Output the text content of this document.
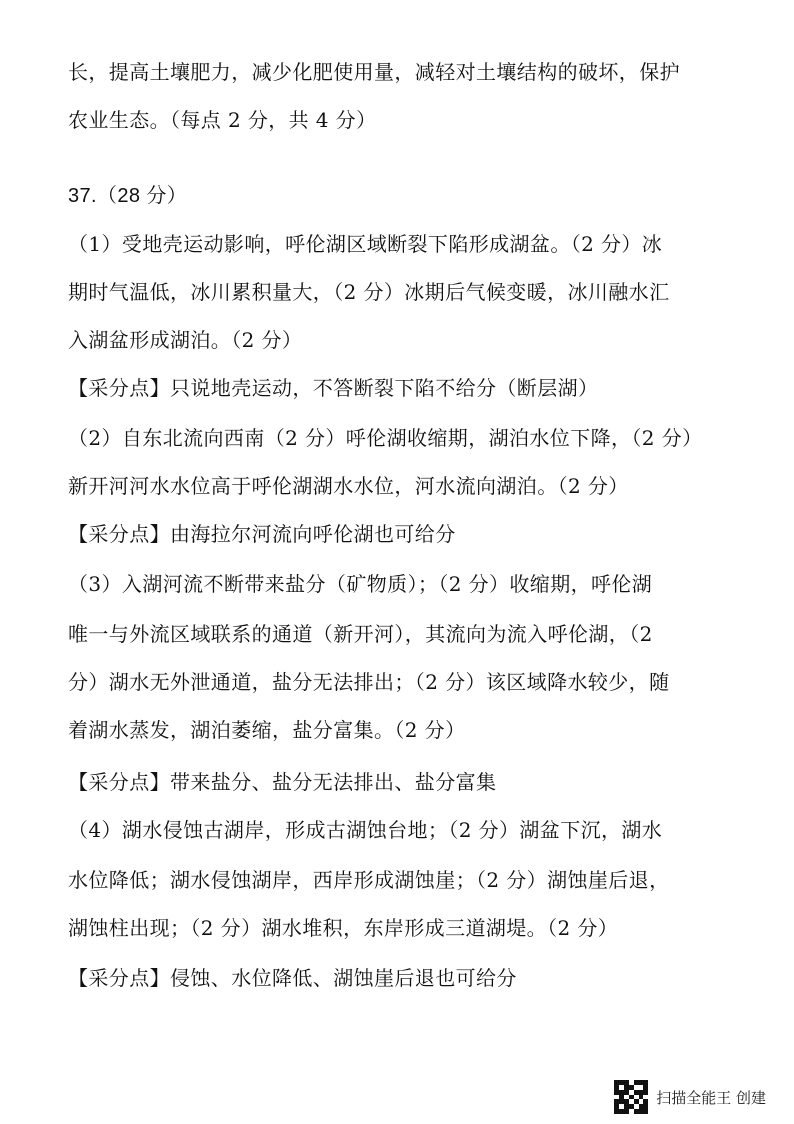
长，提高土壤肥力，减少化肥使用量，减轻对土壤结构的破坏，保护
农业生态。（每点 2 分，共 4 分）
37.（28 分）
（1）受地壳运动影响，呼伦湖区域断裂下陷形成湖盆。（2 分）冰
期时气温低，冰川累积量大，（2 分）冰期后气候变暖，冰川融水汇
入湖盆形成湖泊。（2 分）
【采分点】只说地壳运动，不答断裂下陷不给分（断层湖）
（2）自东北流向西南（2 分）呼伦湖收缩期，湖泊水位下降，（2 分）
新开河河水水位高于呼伦湖湖水水位，河水流向湖泊。（2 分）
【采分点】由海拉尔河流向呼伦湖也可给分
（3）入湖河流不断带来盐分（矿物质）；（2 分）收缩期，呼伦湖
唯一与外流区域联系的通道（新开河），其流向为流入呼伦湖，（2
分）湖水无外泄通道，盐分无法排出；（2 分）该区域降水较少，随
着湖水蒸发，湖泊萎缩，盐分富集。（2 分）
【采分点】带来盐分、盐分无法排出、盐分富集
（4）湖水侵蚀古湖岸，形成古湖蚀台地；（2 分）湖盆下沉，湖水
水位降低；湖水侵蚀湖岸，西岸形成湖蚀崖；（2 分）湖蚀崖后退，
湖蚀柱出现；（2 分）湖水堆积，东岸形成三道湖堤。（2 分）
【采分点】侵蚀、水位降低、湖蚀崖后退也可给分
扫描全能王 创建
